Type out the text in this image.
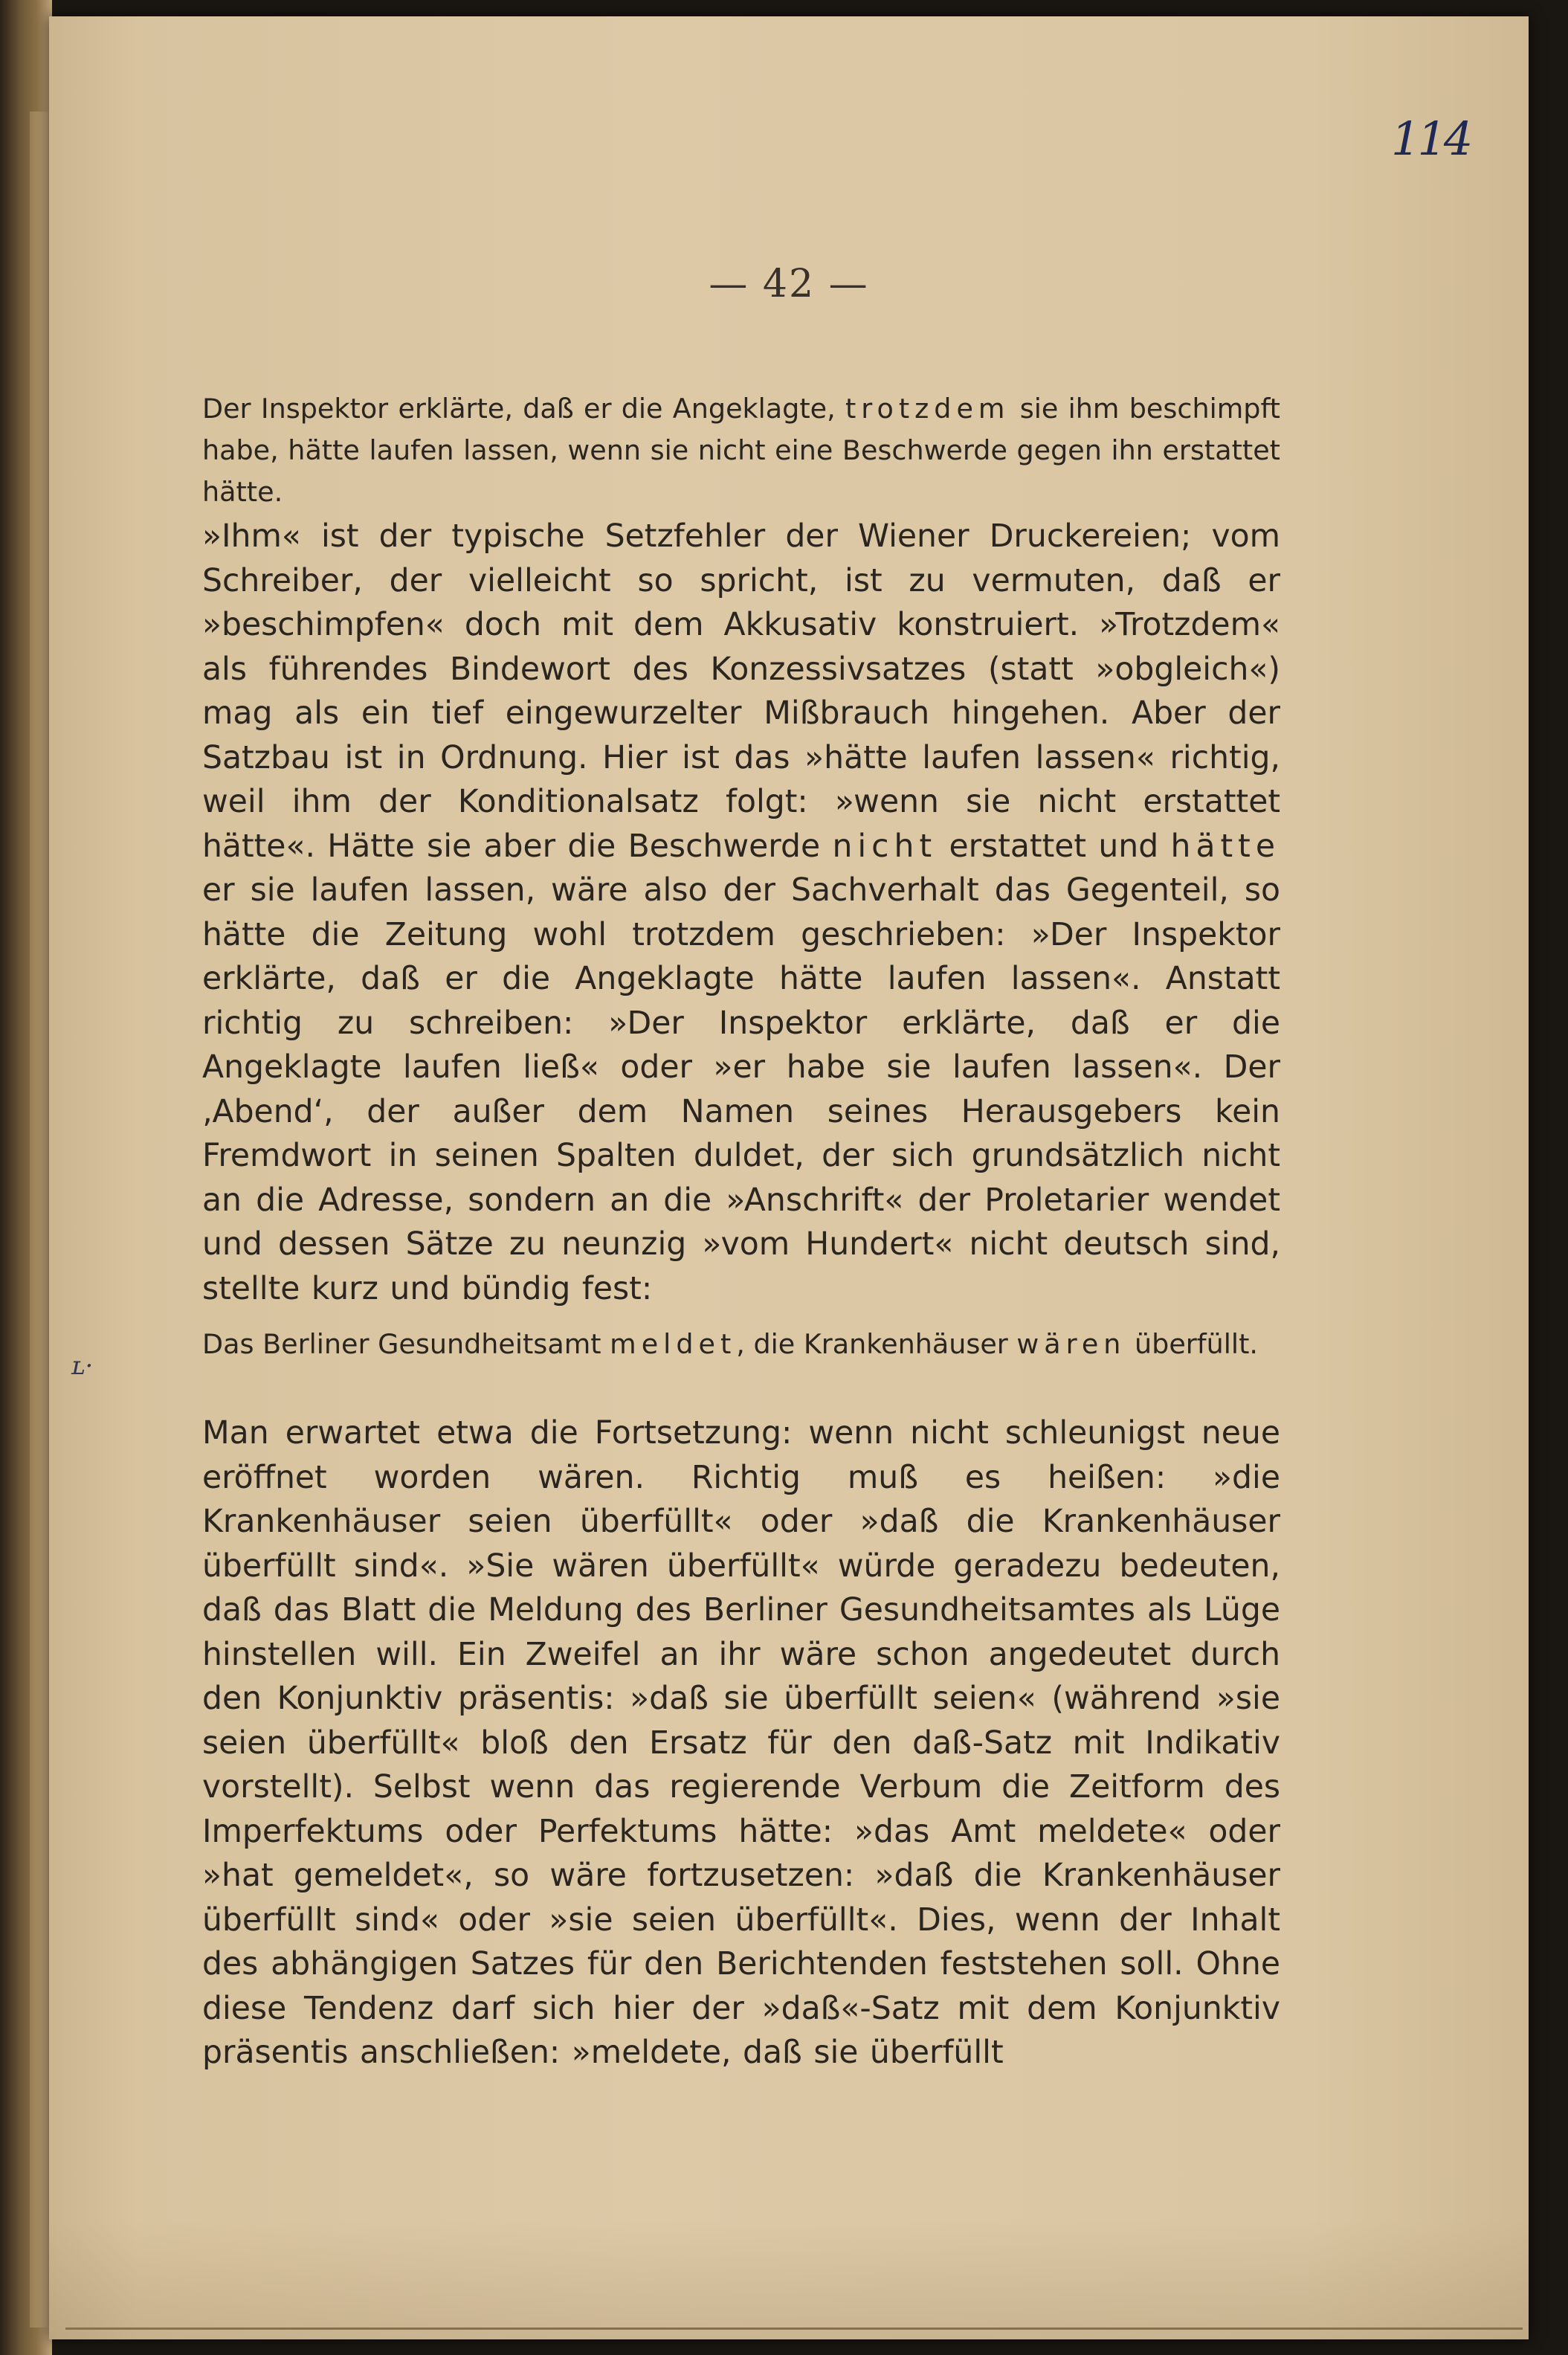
114
— 42 —
Der Inspektor erklärte, daß er die Angeklagte, trotzdem sie ihm beschimpft habe, hätte laufen lassen, wenn sie nicht eine Beschwerde gegen ihn erstattet hätte.
»Ihm« ist der typische Setzfehler der Wiener Druckereien; vom Schreiber, der vielleicht so spricht, ist zu vermuten, daß er »beschimpfen« doch mit dem Akkusativ konstruiert. »Trotzdem« als führendes Bindewort des Konzessivsatzes (statt »obgleich«) mag als ein tief eingewurzelter Mißbrauch hingehen. Aber der Satzbau ist in Ordnung. Hier ist das »hätte laufen lassen« richtig, weil ihm der Konditionalsatz folgt: »wenn sie nicht erstattet hätte«. Hätte sie aber die Beschwerde nicht erstattet und hätte er sie laufen lassen, wäre also der Sachverhalt das Gegenteil, so hätte die Zeitung wohl trotzdem geschrieben: »Der Inspektor erklärte, daß er die Angeklagte hätte laufen lassen«. Anstatt richtig zu schreiben: »Der Inspektor erklärte, daß er die Angeklagte laufen ließ« oder »er habe sie laufen lassen«. Der ‚Abend‘, der außer dem Namen seines Herausgebers kein Fremdwort in seinen Spalten duldet, der sich grundsätzlich nicht an die Adresse, sondern an die »Anschrift« der Proletarier wendet und dessen Sätze zu neunzig »vom Hundert« nicht deutsch sind, stellte kurz und bündig fest:
ʟ·
Das Berliner Gesundheitsamt meldet, die Krankenhäuser wären überfüllt.
Man erwartet etwa die Fortsetzung: wenn nicht schleunigst neue eröffnet worden wären. Richtig muß es heißen: »die Krankenhäuser seien überfüllt« oder »daß die Krankenhäuser überfüllt sind«. »Sie wären überfüllt« würde geradezu bedeuten, daß das Blatt die Meldung des Berliner Gesundheitsamtes als Lüge hinstellen will. Ein Zweifel an ihr wäre schon angedeutet durch den Konjunktiv präsentis: »daß sie überfüllt seien« (während »sie seien überfüllt« bloß den Ersatz für den daß-Satz mit Indikativ vorstellt). Selbst wenn das regierende Verbum die Zeitform des Imperfektums oder Perfektums hätte: »das Amt meldete« oder »hat gemeldet«, so wäre fortzusetzen: »daß die Krankenhäuser überfüllt sind« oder »sie seien überfüllt«. Dies, wenn der Inhalt des abhängigen Satzes für den Berichtenden feststehen soll. Ohne diese Tendenz darf sich hier der »daß«-Satz mit dem Konjunktiv präsentis anschließen: »meldete, daß sie überfüllt
